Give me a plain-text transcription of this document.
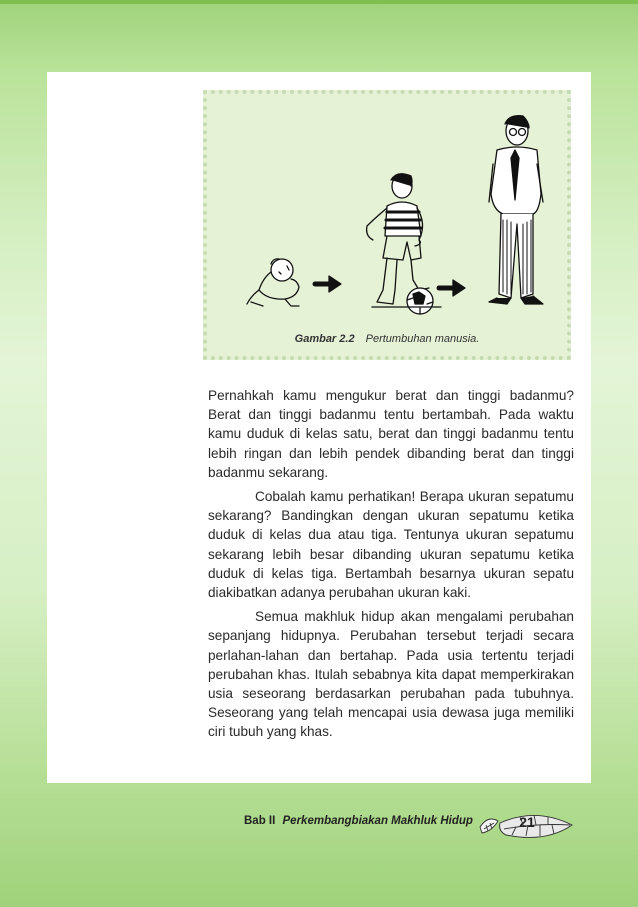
Gambar 2.2 Pertumbuhan manusia.

Pernahkah kamu mengukur berat dan tinggi badanmu? Berat dan tinggi badanmu tentu bertambah. Pada waktu kamu duduk di kelas satu, berat dan tinggi badanmu tentu lebih ringan dan lebih pendek dibanding berat dan tinggi badanmu sekarang.

Cobalah kamu perhatikan! Berapa ukuran sepatumu sekarang? Bandingkan dengan ukuran sepatumu ketika duduk di kelas dua atau tiga. Tentunya ukuran sepatumu sekarang lebih besar dibanding ukuran sepatumu ketika duduk di kelas tiga. Bertambah besarnya ukuran sepatu diakibatkan adanya perubahan ukuran kaki.

Semua makhluk hidup akan mengalami perubahan sepanjang hidupnya. Perubahan tersebut terjadi secara perlahan-lahan dan bertahap. Pada usia tertentu terjadi perubahan khas. Itulah sebabnya kita dapat memperkirakan usia seseorang berdasarkan perubahan pada tubuhnya. Seseorang yang telah mencapai usia dewasa juga memiliki ciri tubuh yang khas.

Bab II Perkembangbiakan Makhluk Hidup	21
